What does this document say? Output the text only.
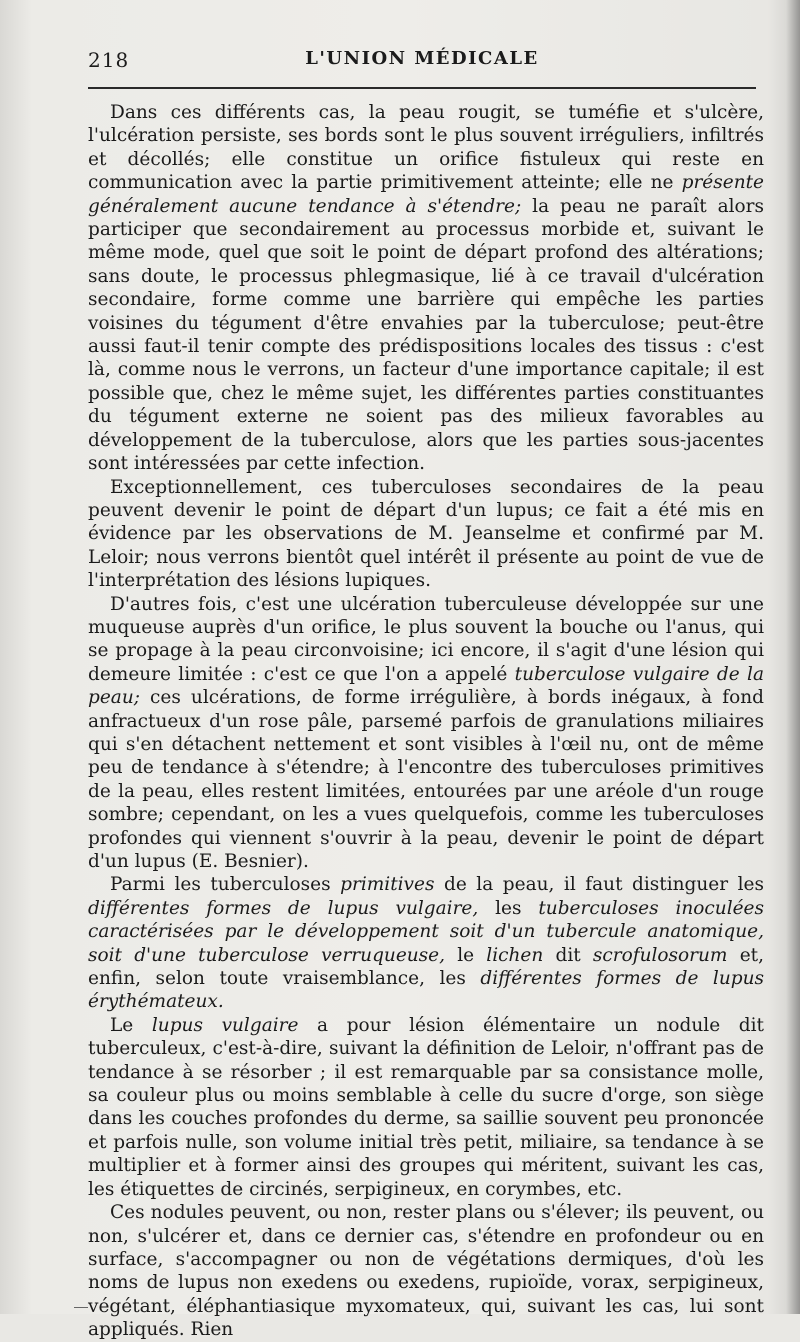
218	L'UNION MÉDICALE

Dans ces différents cas, la peau rougit, se tuméfie et s'ulcère, l'ulcération persiste, ses bords sont le plus souvent irréguliers, infiltrés et décollés; elle constitue un orifice fistuleux qui reste en communication avec la partie primitivement atteinte; elle ne présente généralement aucune tendance à s'étendre; la peau ne paraît alors participer que secondairement au processus morbide et, suivant le même mode, quel que soit le point de départ profond des altérations; sans doute, le processus phlegmasique, lié à ce travail d'ulcération secondaire, forme comme une barrière qui empêche les parties voisines du tégument d'être envahies par la tuberculose; peut-être aussi faut-il tenir compte des prédispositions locales des tissus : c'est là, comme nous le verrons, un facteur d'une importance capitale; il est possible que, chez le même sujet, les différentes parties constituantes du tégument externe ne soient pas des milieux favorables au développement de la tuberculose, alors que les parties sous-jacentes sont intéressées par cette infection.

Exceptionnellement, ces tuberculoses secondaires de la peau peuvent devenir le point de départ d'un lupus; ce fait a été mis en évidence par les observations de M. Jeanselme et confirmé par M. Leloir; nous verrons bientôt quel intérêt il présente au point de vue de l'interprétation des lésions lupiques.

D'autres fois, c'est une ulcération tuberculeuse développée sur une muqueuse auprès d'un orifice, le plus souvent la bouche ou l'anus, qui se propage à la peau circonvoisine; ici encore, il s'agit d'une lésion qui demeure limitée : c'est ce que l'on a appelé tuberculose vulgaire de la peau; ces ulcérations, de forme irrégulière, à bords inégaux, à fond anfractueux d'un rose pâle, parsemé parfois de granulations miliaires qui s'en détachent nettement et sont visibles à l'œil nu, ont de même peu de tendance à s'étendre; à l'encontre des tuberculoses primitives de la peau, elles restent limitées, entourées par une aréole d'un rouge sombre; cependant, on les a vues quelquefois, comme les tuberculoses profondes qui viennent s'ouvrir à la peau, devenir le point de départ d'un lupus (E. Besnier).

Parmi les tuberculoses primitives de la peau, il faut distinguer les différentes formes de lupus vulgaire, les tuberculoses inoculées caractérisées par le développement soit d'un tubercule anatomique, soit d'une tuberculose verruqueuse, le lichen dit scrofulosorum et, enfin, selon toute vraisemblance, les différentes formes de lupus érythémateux.

Le lupus vulgaire a pour lésion élémentaire un nodule dit tuberculeux, c'est-à-dire, suivant la définition de Leloir, n'offrant pas de tendance à se résorber ; il est remarquable par sa consistance molle, sa couleur plus ou moins semblable à celle du sucre d'orge, son siège dans les couches profondes du derme, sa saillie souvent peu prononcée et parfois nulle, son volume initial très petit, miliaire, sa tendance à se multiplier et à former ainsi des groupes qui méritent, suivant les cas, les étiquettes de circinés, serpigineux, en corymbes, etc.

Ces nodules peuvent, ou non, rester plans ou s'élever; ils peuvent, ou non, s'ulcérer et, dans ce dernier cas, s'étendre en profondeur ou en surface, s'accompagner ou non de végétations dermiques, d'où les noms de lupus non exedens ou exedens, rupioïde, vorax, serpigineux, végétant, éléphantiasique myxomateux, qui, suivant les cas, lui sont appliqués. Rien
